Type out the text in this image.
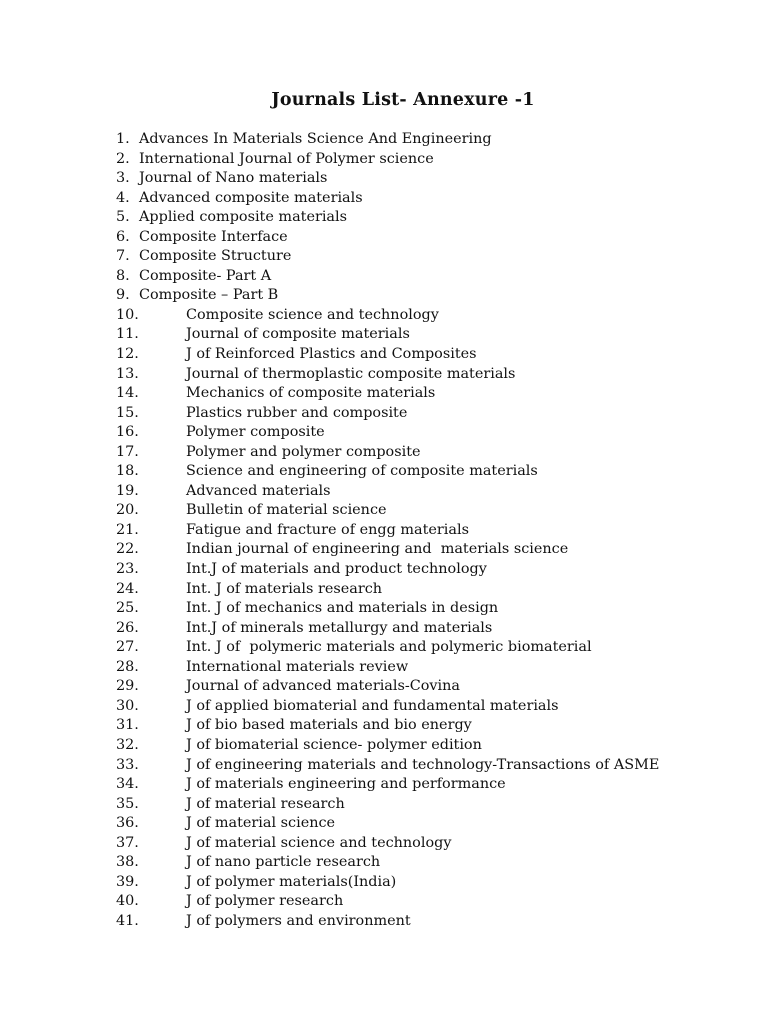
Journals List- Annexure -1
1. Advances In Materials Science And Engineering
2. International Journal of Polymer science
3. Journal of Nano materials
4. Advanced composite materials
5. Applied composite materials
6. Composite Interface
7. Composite Structure
8. Composite- Part A
9. Composite – Part B
10.	Composite science and technology
11.	Journal of composite materials
12.	J of Reinforced Plastics and Composites
13.	Journal of thermoplastic composite materials
14.	Mechanics of composite materials
15.	Plastics rubber and composite
16.	Polymer composite
17.	Polymer and polymer composite
18.	Science and engineering of composite materials
19.	Advanced materials
20.	Bulletin of material science
21.	Fatigue and fracture of engg materials
22.	Indian journal of engineering and  materials science
23.	Int.J of materials and product technology
24.	Int. J of materials research
25.	Int. J of mechanics and materials in design
26.	Int.J of minerals metallurgy and materials
27.	Int. J of  polymeric materials and polymeric biomaterial
28.	International materials review
29.	Journal of advanced materials-Covina
30.	J of applied biomaterial and fundamental materials
31.	J of bio based materials and bio energy
32.	J of biomaterial science- polymer edition
33.	J of engineering materials and technology-Transactions of ASME
34.	J of materials engineering and performance
35.	J of material research
36.	J of material science
37.	J of material science and technology
38.	J of nano particle research
39.	J of polymer materials(India)
40.	J of polymer research
41.	J of polymers and environment
